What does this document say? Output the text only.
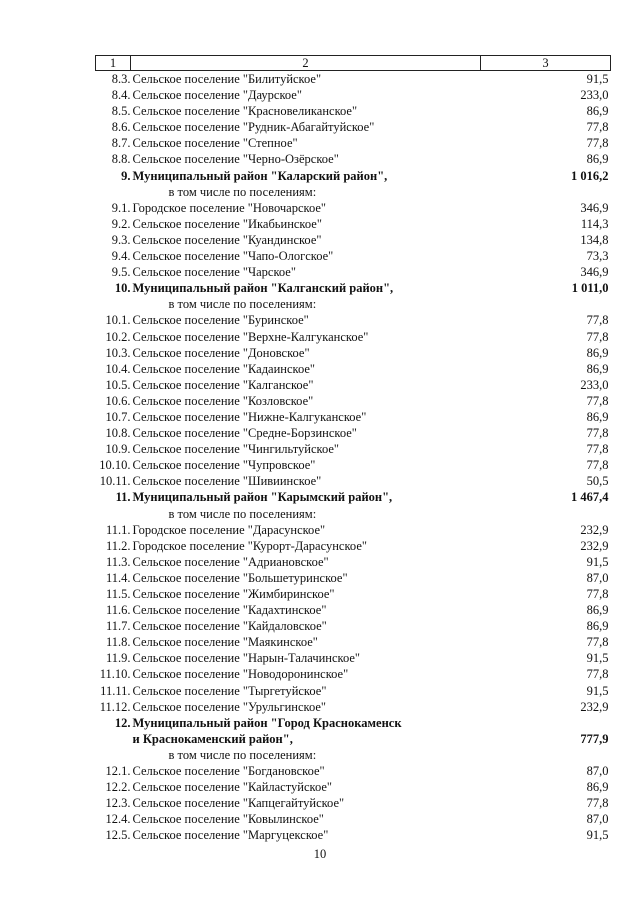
1	2	3
8.3.	Сельское поселение "Билитуйское"	91,5
8.4.	Сельское поселение "Даурское"	233,0
8.5.	Сельское поселение "Красновеликанское"	86,9
8.6.	Сельское поселение "Рудник-Абагайтуйское"	77,8
8.7.	Сельское поселение "Степное"	77,8
8.8.	Сельское поселение "Черно-Озёрское"	86,9
9.	Муниципальный район "Каларский район",	1 016,2
	в том числе по поселениям:	
9.1.	Городское поселение "Новочарское"	346,9
9.2.	Сельское поселение "Икабьинское"	114,3
9.3.	Сельское поселение "Куандинское"	134,8
9.4.	Сельское поселение "Чапо-Ологское"	73,3
9.5.	Сельское поселение "Чарское"	346,9
10.	Муниципальный район "Калганский район",	1 011,0
	в том числе по поселениям:	
10.1.	Сельское поселение "Буринское"	77,8
10.2.	Сельское поселение "Верхне-Калгуканское"	77,8
10.3.	Сельское поселение "Доновское"	86,9
10.4.	Сельское поселение "Кадаинское"	86,9
10.5.	Сельское поселение "Калганское"	233,0
10.6.	Сельское поселение "Козловское"	77,8
10.7.	Сельское поселение "Нижне-Калгуканское"	86,9
10.8.	Сельское поселение "Средне-Борзинское"	77,8
10.9.	Сельское поселение "Чингильтуйское"	77,8
10.10.	Сельское поселение "Чупровское"	77,8
10.11.	Сельское поселение "Шивиинское"	50,5
11.	Муниципальный район "Карымский район",	1 467,4
	в том числе по поселениям:	
11.1.	Городское поселение "Дарасунское"	232,9
11.2.	Городское поселение "Курорт-Дарасунское"	232,9
11.3.	Сельское поселение "Адриановское"	91,5
11.4.	Сельское поселение "Большетуринское"	87,0
11.5.	Сельское поселение "Жимбиринское"	77,8
11.6.	Сельское поселение "Кадахтинское"	86,9
11.7.	Сельское поселение "Кайдаловское"	86,9
11.8.	Сельское поселение "Маякинское"	77,8
11.9.	Сельское поселение "Нарын-Талачинское"	91,5
11.10.	Сельское поселение "Новодоронинское"	77,8
11.11.	Сельское поселение "Тыргетуйское"	91,5
11.12.	Сельское поселение "Урульгинское"	232,9
12.	Муниципальный район "Город Краснокаменск	
	и Краснокаменский район",	777,9
	в том числе по поселениям:	
12.1.	Сельское поселение "Богдановское"	87,0
12.2.	Сельское поселение "Кайластуйское"	86,9
12.3.	Сельское поселение "Капцегайтуйское"	77,8
12.4.	Сельское поселение "Ковылинское"	87,0
12.5.	Сельское поселение "Маргуцекское"	91,5
10
